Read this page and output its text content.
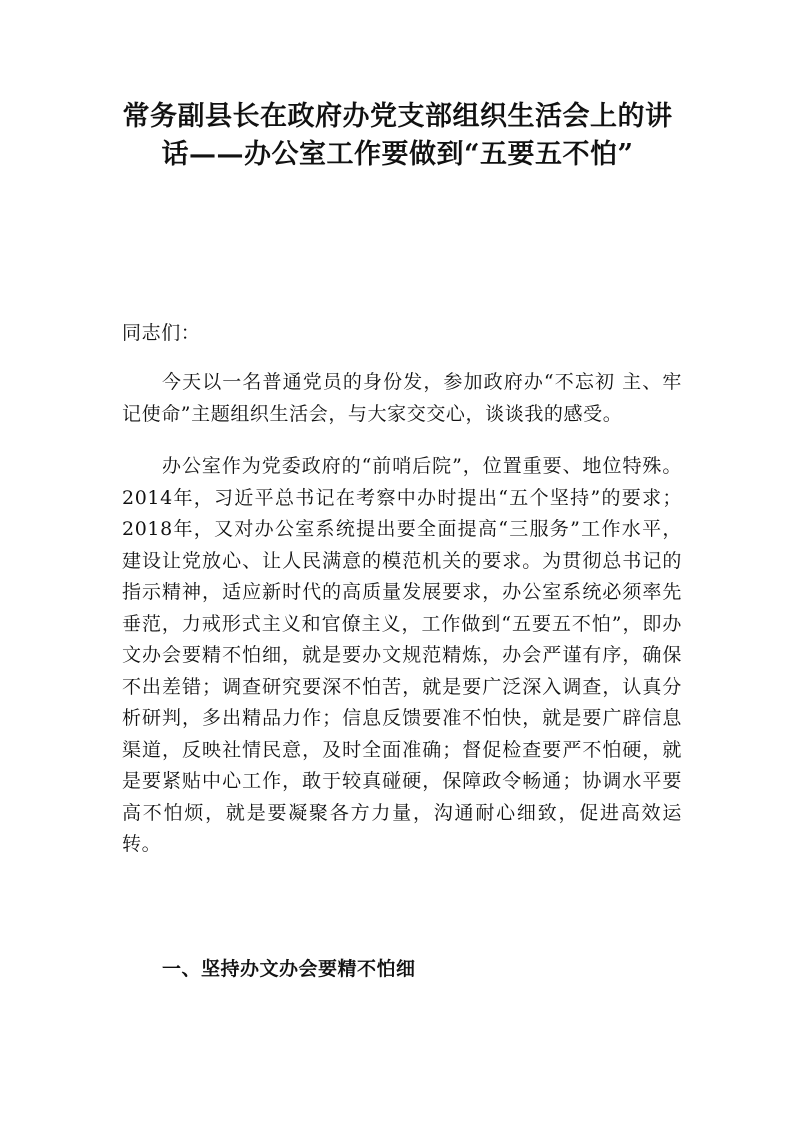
常务副县长在政府办党支部组织生活会上的讲话——办公室工作要做到“五要五不怕”

同志们：

今天以一名普通党员的身份发，参加政府办“不忘初 主、牢记使命”主题组织生活会，与大家交交心，谈谈我的感受。

办公室作为党委政府的“前哨后院”，位置重要、地位特殊。2014年，习近平总书记在考察中办时提出“五个坚持”的要求；2018年，又对办公室系统提出要全面提高“三服务”工作水平，建设让党放心、让人民满意的模范机关的要求。为贯彻总书记的指示精神，适应新时代的高质量发展要求，办公室系统必须率先垂范，力戒形式主义和官僚主义，工作做到“五要五不怕”，即办文办会要精不怕细，就是要办文规范精炼，办会严谨有序，确保不出差错；调查研究要深不怕苦，就是要广泛深入调查，认真分析研判，多出精品力作；信息反馈要准不怕快，就是要广辟信息渠道，反映社情民意，及时全面准确；督促检查要严不怕硬，就是要紧贴中心工作，敢于较真碰硬，保障政令畅通；协调水平要高不怕烦，就是要凝聚各方力量，沟通耐心细致，促进高效运转。

一、坚持办文办会要精不怕细
